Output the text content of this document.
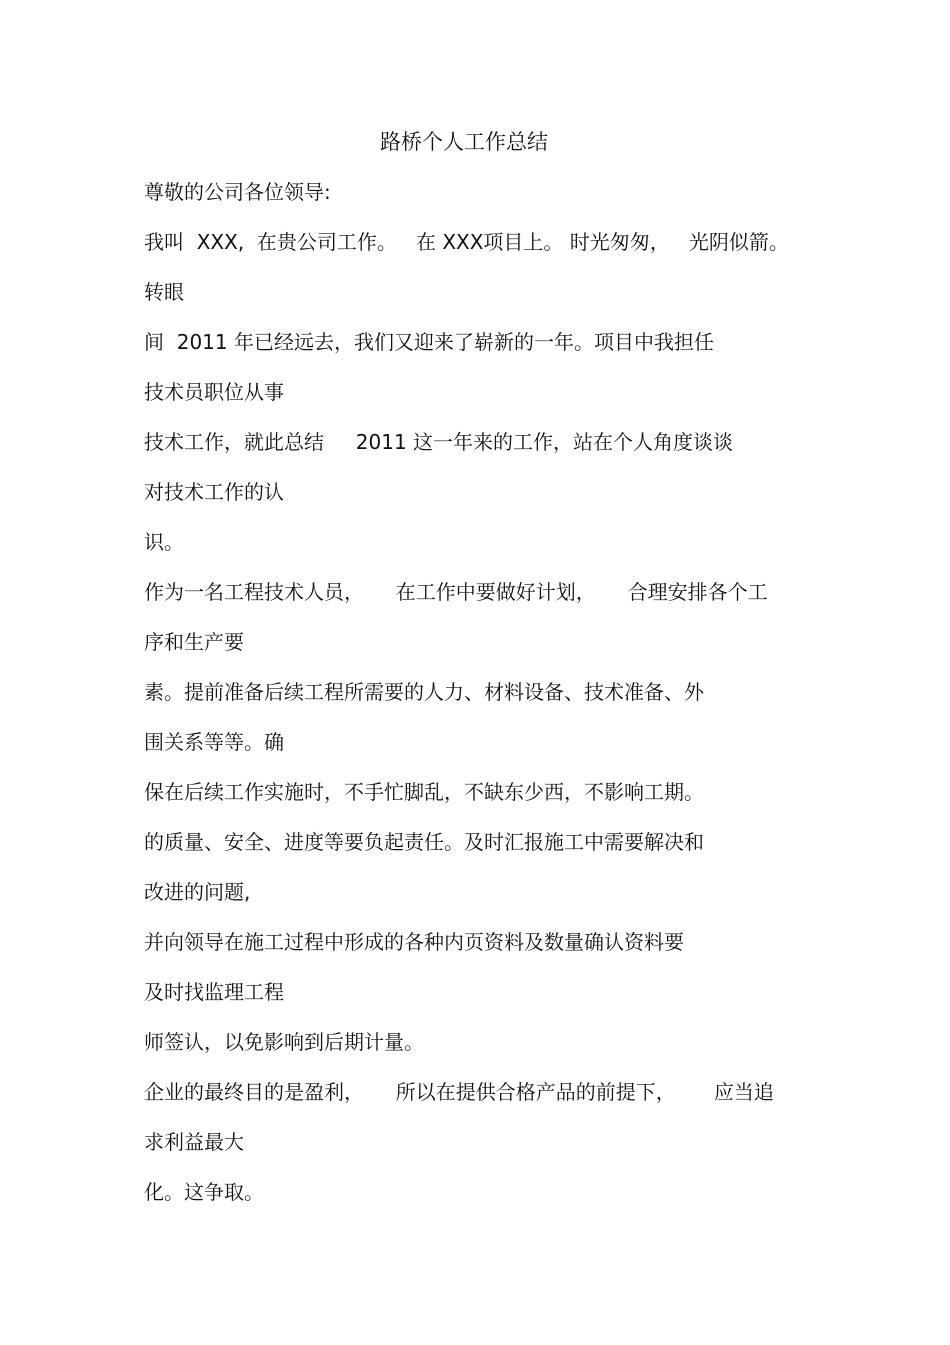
路桥个人工作总结
尊敬的公司各位领导:
我叫  XXX,  在贵公司工作。   在 XXX项目上。 时光匆匆，   光阴似箭。
转眼
间  2011 年已经远去，我们又迎来了崭新的一年。项目中我担任
技术员职位从事
技术工作，就此总结     2011 这一年来的工作，站在个人角度谈谈
对技术工作的认
识。
作为一名工程技术人员，     在工作中要做好计划，     合理安排各个工
序和生产要
素。提前准备后续工程所需要的人力、材料设备、技术准备、外
围关系等等。确
保在后续工作实施时，不手忙脚乱，不缺东少西，不影响工期。
的质量、安全、进度等要负起责任。及时汇报施工中需要解决和
改进的问题,
并向领导在施工过程中形成的各种内页资料及数量确认资料要
及时找监理工程
师签认，以免影响到后期计量。
企业的最终目的是盈利，     所以在提供合格产品的前提下，      应当追
求利益最大
化。这争取。
